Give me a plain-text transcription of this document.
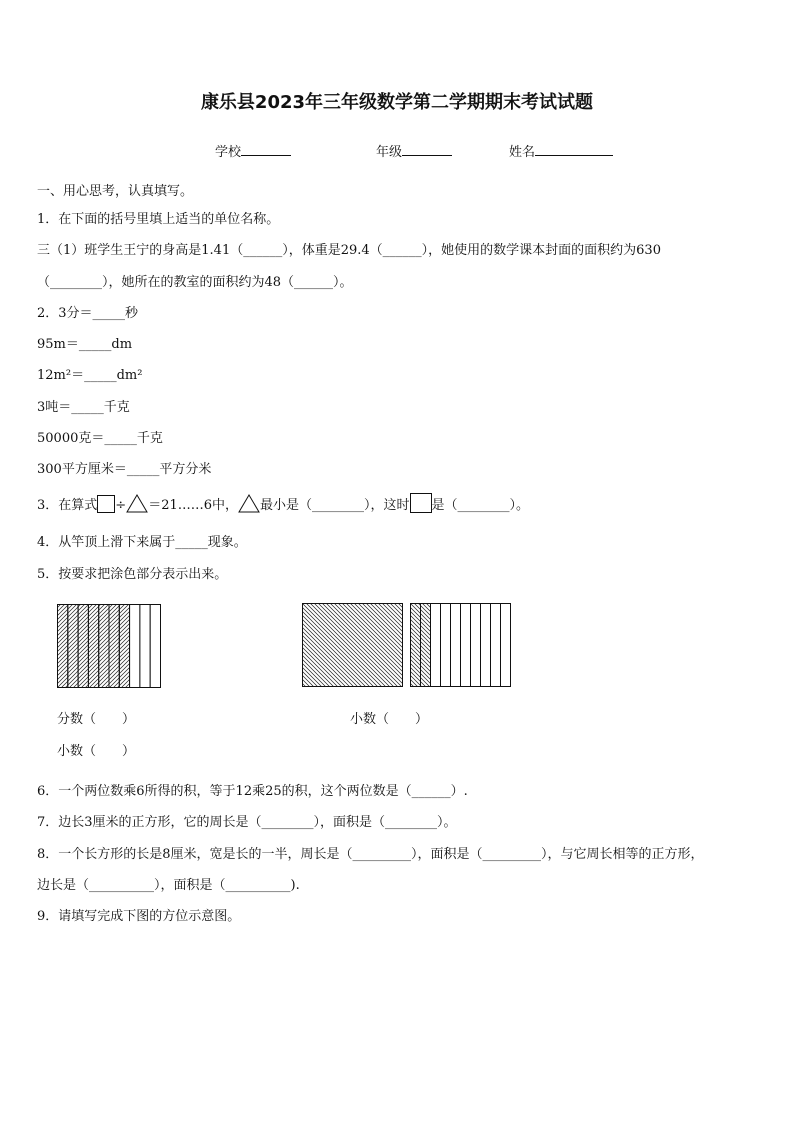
康乐县2023年三年级数学第二学期期末考试试题
学校	年级	姓名
一、用心思考，认真填写。
1．在下面的括号里填上适当的单位名称。
三（1）班学生王宁的身高是1.41（______），体重是29.4（______），她使用的数学课本封面的面积约为630
（________），她所在的教室的面积约为48（______）。
2．3分＝_____秒
95m＝_____dm
12m²＝_____dm²
3吨＝_____千克
50000克＝_____千克
300平方厘米＝_____平方分米
3．在算式 ÷ ＝21……6中， 最小是（________），这时 是（________）。
4．从竿顶上滑下来属于_____现象。
5．按要求把涂色部分表示出来。
分数（　　）	小数（　　）
小数（　　）
6．一个两位数乘6所得的积，等于12乘25的积，这个两位数是（______）.
7．边长3厘米的正方形，它的周长是（________），面积是（________）。
8．一个长方形的长是8厘米，宽是长的一半，周长是（_________），面积是（_________），与它周长相等的正方形，
边长是（__________），面积是（__________).
9．请填写完成下图的方位示意图。
